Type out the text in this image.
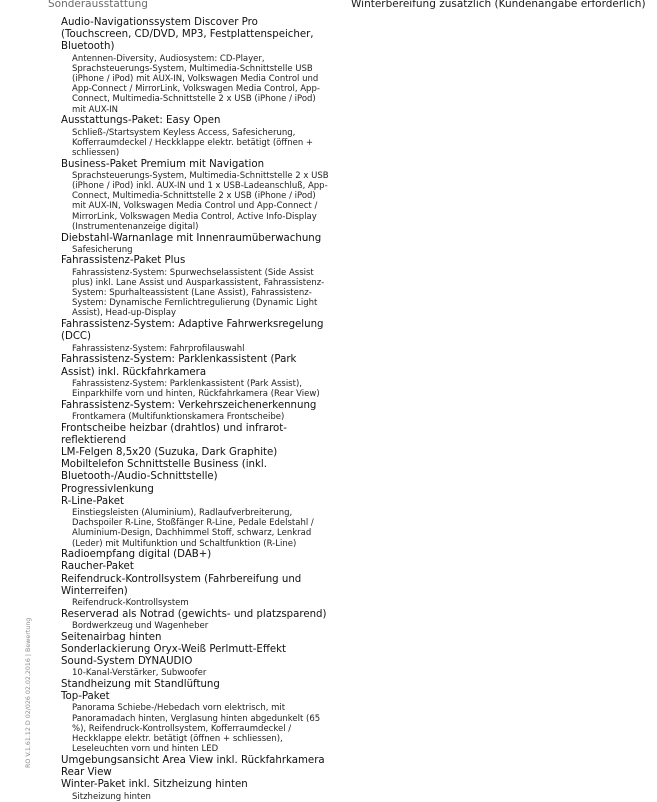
Sonderausstattung	Winterbereifung zusätzlich (Kundenangabe erforderlich)
Audio-Navigationssystem Discover Pro (Touchscreen, CD/DVD, MP3, Festplattenspeicher, Bluetooth)
Antennen-Diversity, Audiosystem: CD-Player, Sprachsteuerungs-System, Multimedia-Schnittstelle USB (iPhone / iPod) mit AUX-IN, Volkswagen Media Control und App-Connect / MirrorLink, Volkswagen Media Control, App-Connect, Multimedia-Schnittstelle 2 x USB (iPhone / iPod) mit AUX-IN
Ausstattungs-Paket: Easy Open
Schließ-/Startsystem Keyless Access, Safesicherung, Kofferraumdeckel / Heckklappe elektr. betätigt (öffnen + schliessen)
Business-Paket Premium mit Navigation
Sprachsteuerungs-System, Multimedia-Schnittstelle 2 x USB (iPhone / iPod) inkl. AUX-IN und 1 x USB-Ladeanschluß, App-Connect, Multimedia-Schnittstelle 2 x USB (iPhone / iPod) mit AUX-IN, Volkswagen Media Control und App-Connect / MirrorLink, Volkswagen Media Control, Active Info-Display (Instrumentenanzeige digital)
Diebstahl-Warnanlage mit Innenraumüberwachung
Safesicherung
Fahrassistenz-Paket Plus
Fahrassistenz-System: Spurwechselassistent (Side Assist plus) inkl. Lane Assist und Ausparkassistent, Fahrassistenz-System: Spurhalteassistent (Lane Assist), Fahrassistenz-System: Dynamische Fernlichtregulierung (Dynamic Light Assist), Head-up-Display
Fahrassistenz-System: Adaptive Fahrwerksregelung (DCC)
Fahrassistenz-System: Fahrprofilauswahl
Fahrassistenz-System: Parklenkassistent (Park Assist) inkl. Rückfahrkamera
Fahrassistenz-System: Parklenkassistent (Park Assist), Einparkhilfe vorn und hinten, Rückfahrkamera (Rear View)
Fahrassistenz-System: Verkehrszeichenerkennung
Frontkamera (Multifunktionskamera Frontscheibe)
Frontscheibe heizbar (drahtlos) und infrarot-reflektierend
LM-Felgen 8,5x20 (Suzuka, Dark Graphite)
Mobiltelefon Schnittstelle Business (inkl. Bluetooth-/Audio-Schnittstelle)
Progressivlenkung
R-Line-Paket
Einstiegsleisten (Aluminium), Radlaufverbreiterung, Dachspoiler R-Line, Stoßfänger R-Line, Pedale Edelstahl / Aluminium-Design, Dachhimmel Stoff, schwarz, Lenkrad (Leder) mit Multifunktion und Schaltfunktion (R-Line)
Radioempfang digital (DAB+)
Raucher-Paket
Reifendruck-Kontrollsystem (Fahrbereifung und Winterreifen)
Reifendruck-Kontrollsystem
Reserverad als Notrad (gewichts- und platzsparend)
Bordwerkzeug und Wagenheber
Seitenairbag hinten
Sonderlackierung Oryx-Weiß Perlmutt-Effekt
Sound-System DYNAUDIO
10-Kanal-Verstärker, Subwoofer
Standheizung mit Standlüftung
Top-Paket
Panorama Schiebe-/Hebedach vorn elektrisch, mit Panoramadach hinten, Verglasung hinten abgedunkelt (65 %), Reifendruck-Kontrollsystem, Kofferraumdeckel / Heckklappe elektr. betätigt (öffnen + schliessen), Leseleuchten vorn und hinten LED
Umgebungsansicht Area View inkl. Rückfahrkamera Rear View
Winter-Paket inkl. Sitzheizung hinten
Sitzheizung hinten
RO V.1.61.12 D 02/026 02.02.2016 | Bewertung
